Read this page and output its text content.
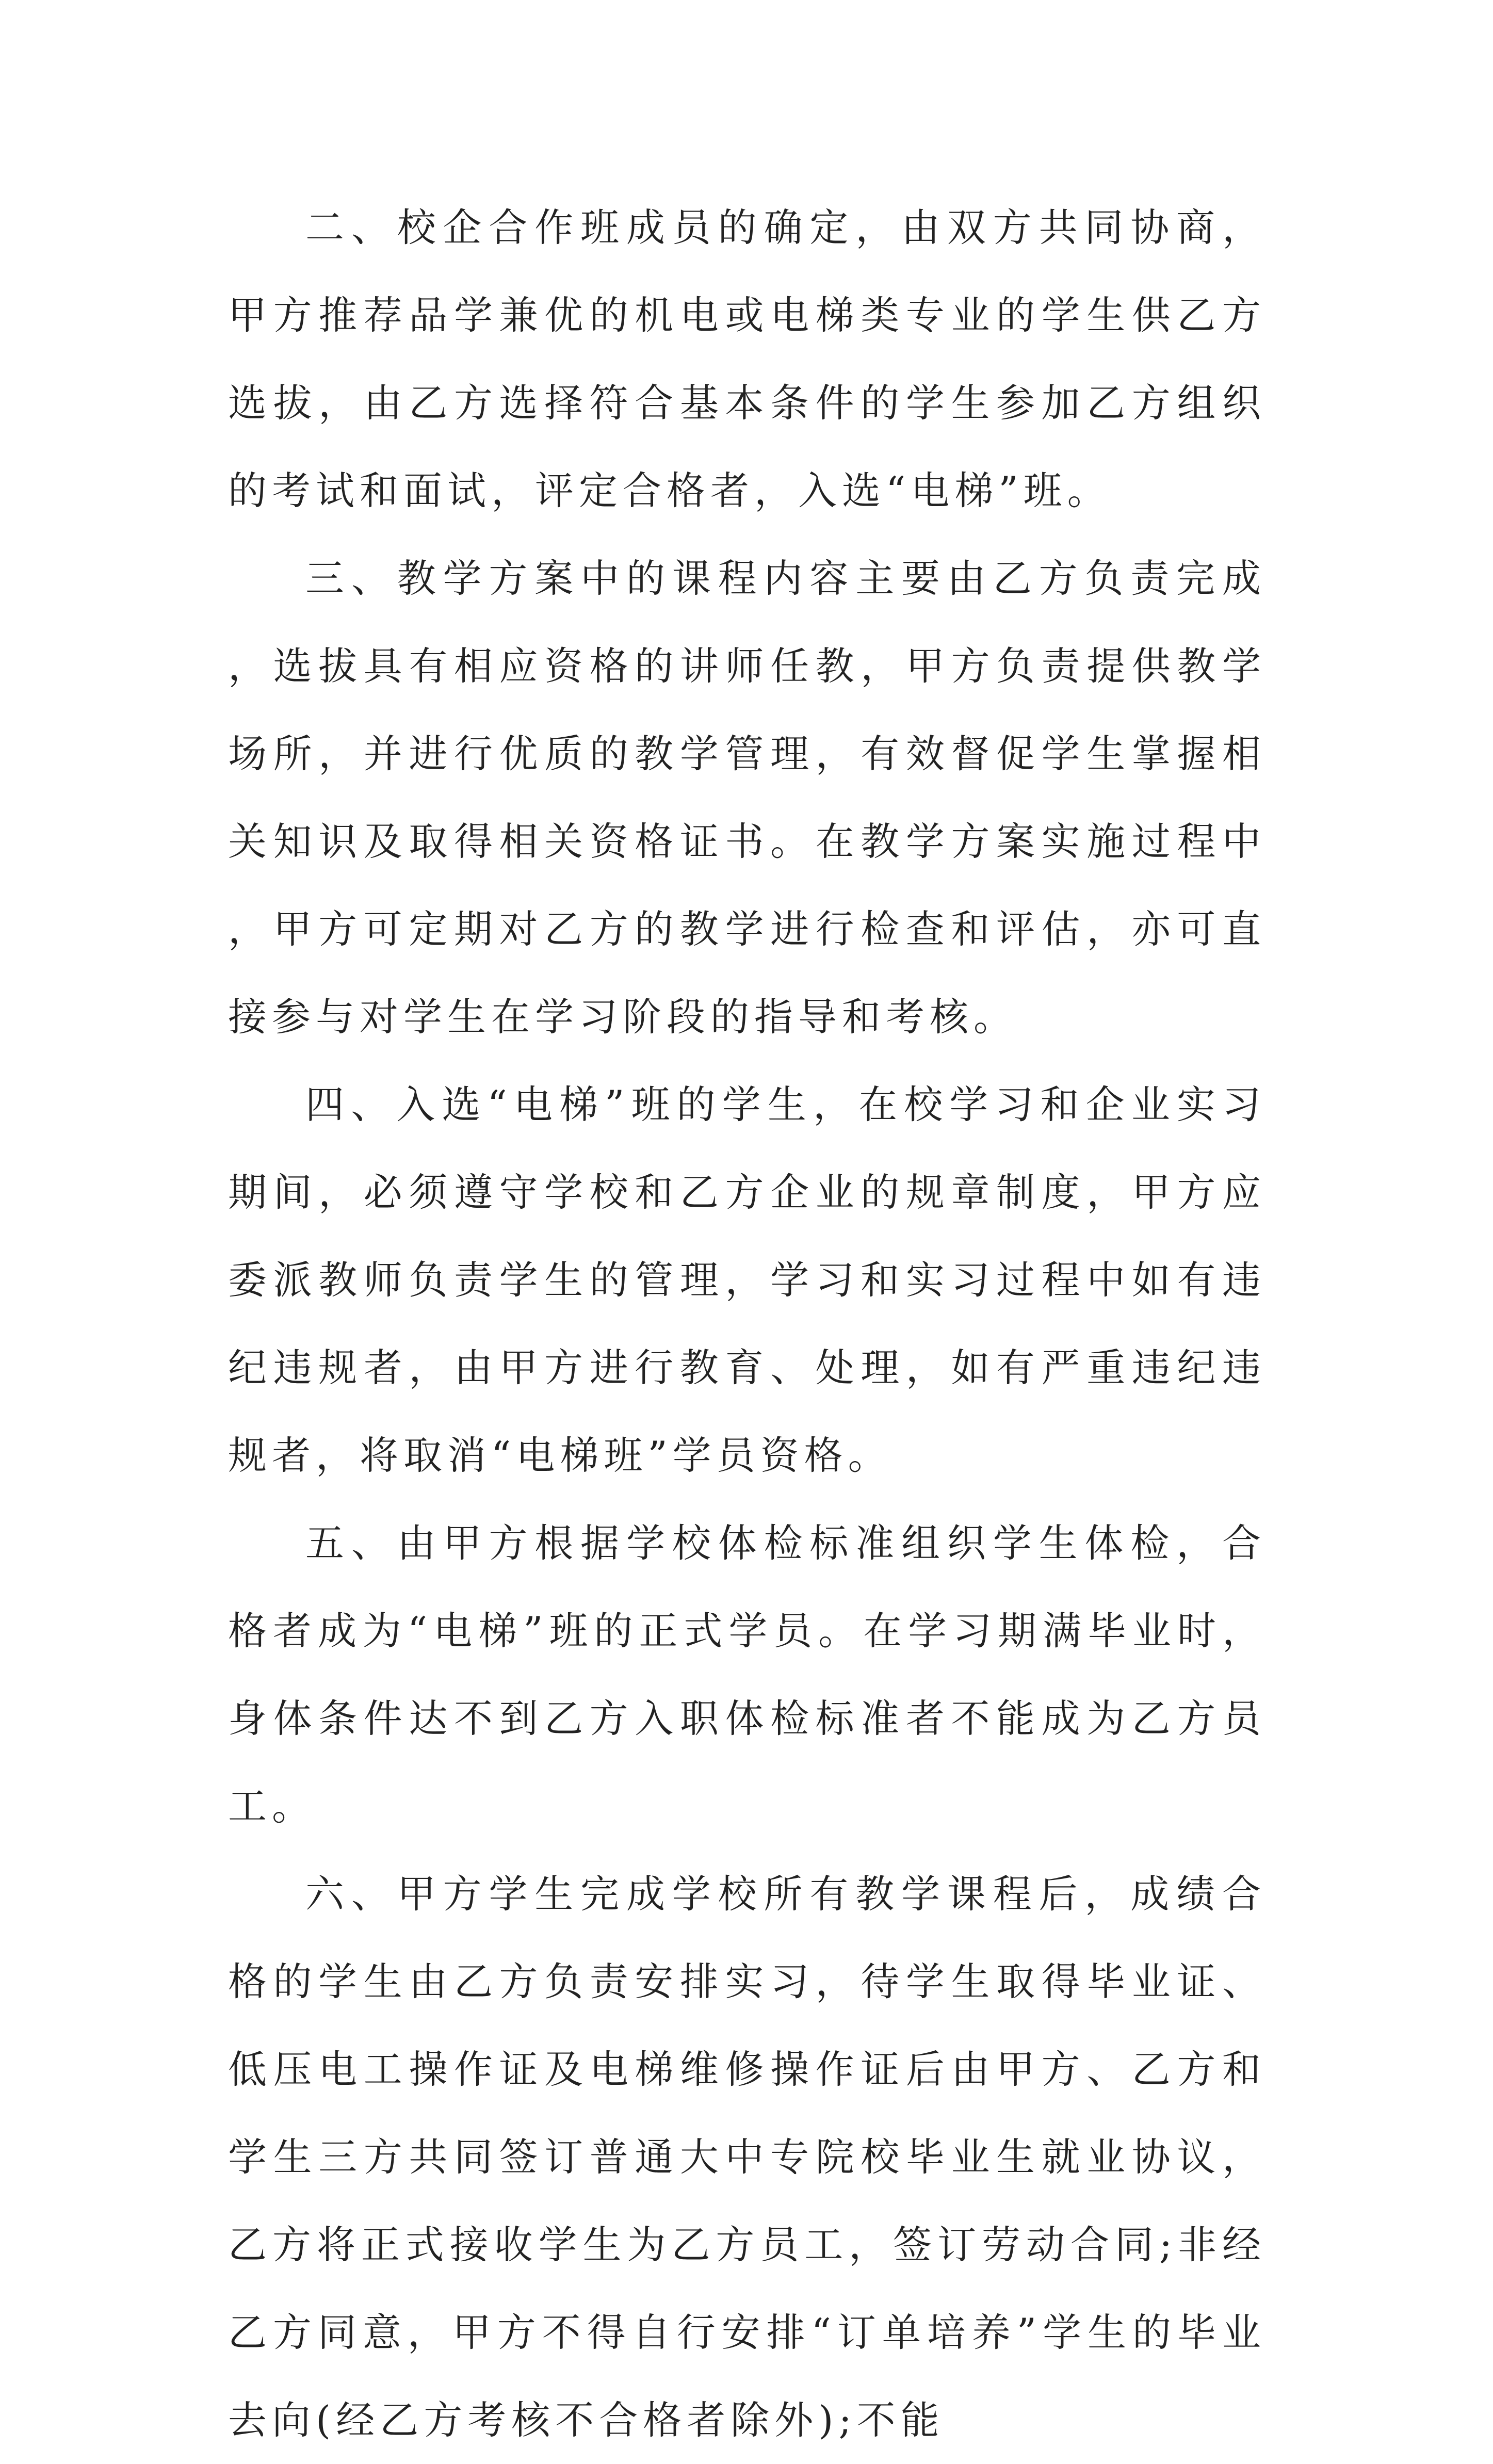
二、校企合作班成员的确定，由双方共同协商，甲方推荐品学兼优的机电或电梯类专业的学生供乙方选拔，由乙方选择符合基本条件的学生参加乙方组织的考试和面试，评定合格者，入选“电梯”班。

三、教学方案中的课程内容主要由乙方负责完成，选拔具有相应资格的讲师任教，甲方负责提供教学场所，并进行优质的教学管理，有效督促学生掌握相关知识及取得相关资格证书。在教学方案实施过程中，甲方可定期对乙方的教学进行检查和评估，亦可直接参与对学生在学习阶段的指导和考核。

四、入选“电梯”班的学生，在校学习和企业实习期间，必须遵守学校和乙方企业的规章制度，甲方应委派教师负责学生的管理，学习和实习过程中如有违纪违规者，由甲方进行教育、处理，如有严重违纪违规者，将取消“电梯班”学员资格。

五、由甲方根据学校体检标准组织学生体检，合格者成为“电梯”班的正式学员。在学习期满毕业时，身体条件达不到乙方入职体检标准者不能成为乙方员工。

六、甲方学生完成学校所有教学课程后，成绩合格的学生由乙方负责安排实习，待学生取得毕业证、低压电工操作证及电梯维修操作证后由甲方、乙方和学生三方共同签订普通大中专院校毕业生就业协议，乙方将正式接收学生为乙方员工，签订劳动合同;非经乙方同意，甲方不得自行安排“订单培养”学生的毕业去向(经乙方考核不合格者除外);不能
